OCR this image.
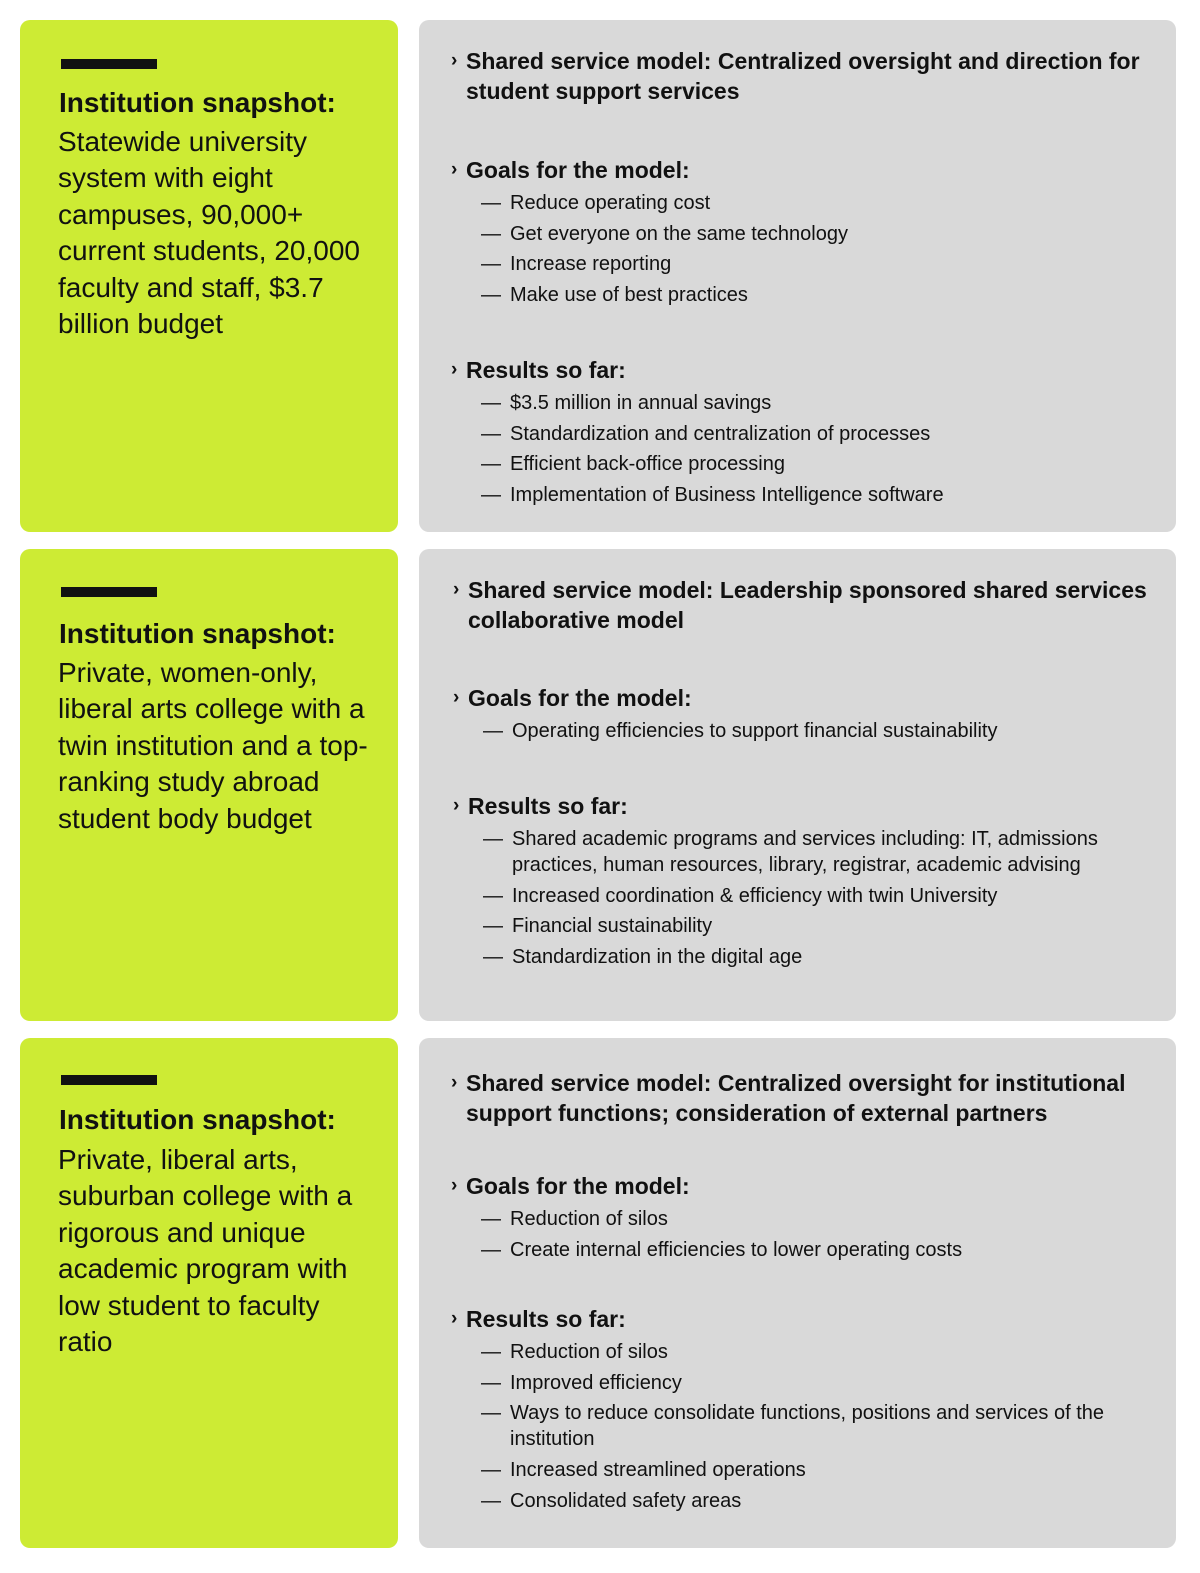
Institution snapshot:

Statewide university system with eight campuses, 90,000+ current students, 20,000 faculty and staff, $3.7 billion budget

› Shared service model: Centralized oversight and direction for student support services
› Goals for the model:
— Reduce operating cost
— Get everyone on the same technology
— Increase reporting
— Make use of best practices
› Results so far:
— $3.5 million in annual savings
— Standardization and centralization of processes
— Efficient back-office processing
— Implementation of Business Intelligence software

Institution snapshot:

Private, women-only, liberal arts college with a twin institution and a top-ranking study abroad student body budget

› Shared service model: Leadership sponsored shared services collaborative model
› Goals for the model:
— Operating efficiencies to support financial sustainability
› Results so far:
— Shared academic programs and services including: IT, admissions practices, human resources, library, registrar, academic advising
— Increased coordination & efficiency with twin University
— Financial sustainability
— Standardization in the digital age

Institution snapshot:

Private, liberal arts, suburban college with a rigorous and unique academic program with low student to faculty ratio

› Shared service model: Centralized oversight for institutional support functions; consideration of external partners
› Goals for the model:
— Reduction of silos
— Create internal efficiencies to lower operating costs
› Results so far:
— Reduction of silos
— Improved efficiency
— Ways to reduce consolidate functions, positions and services of the institution
— Increased streamlined operations
— Consolidated safety areas
